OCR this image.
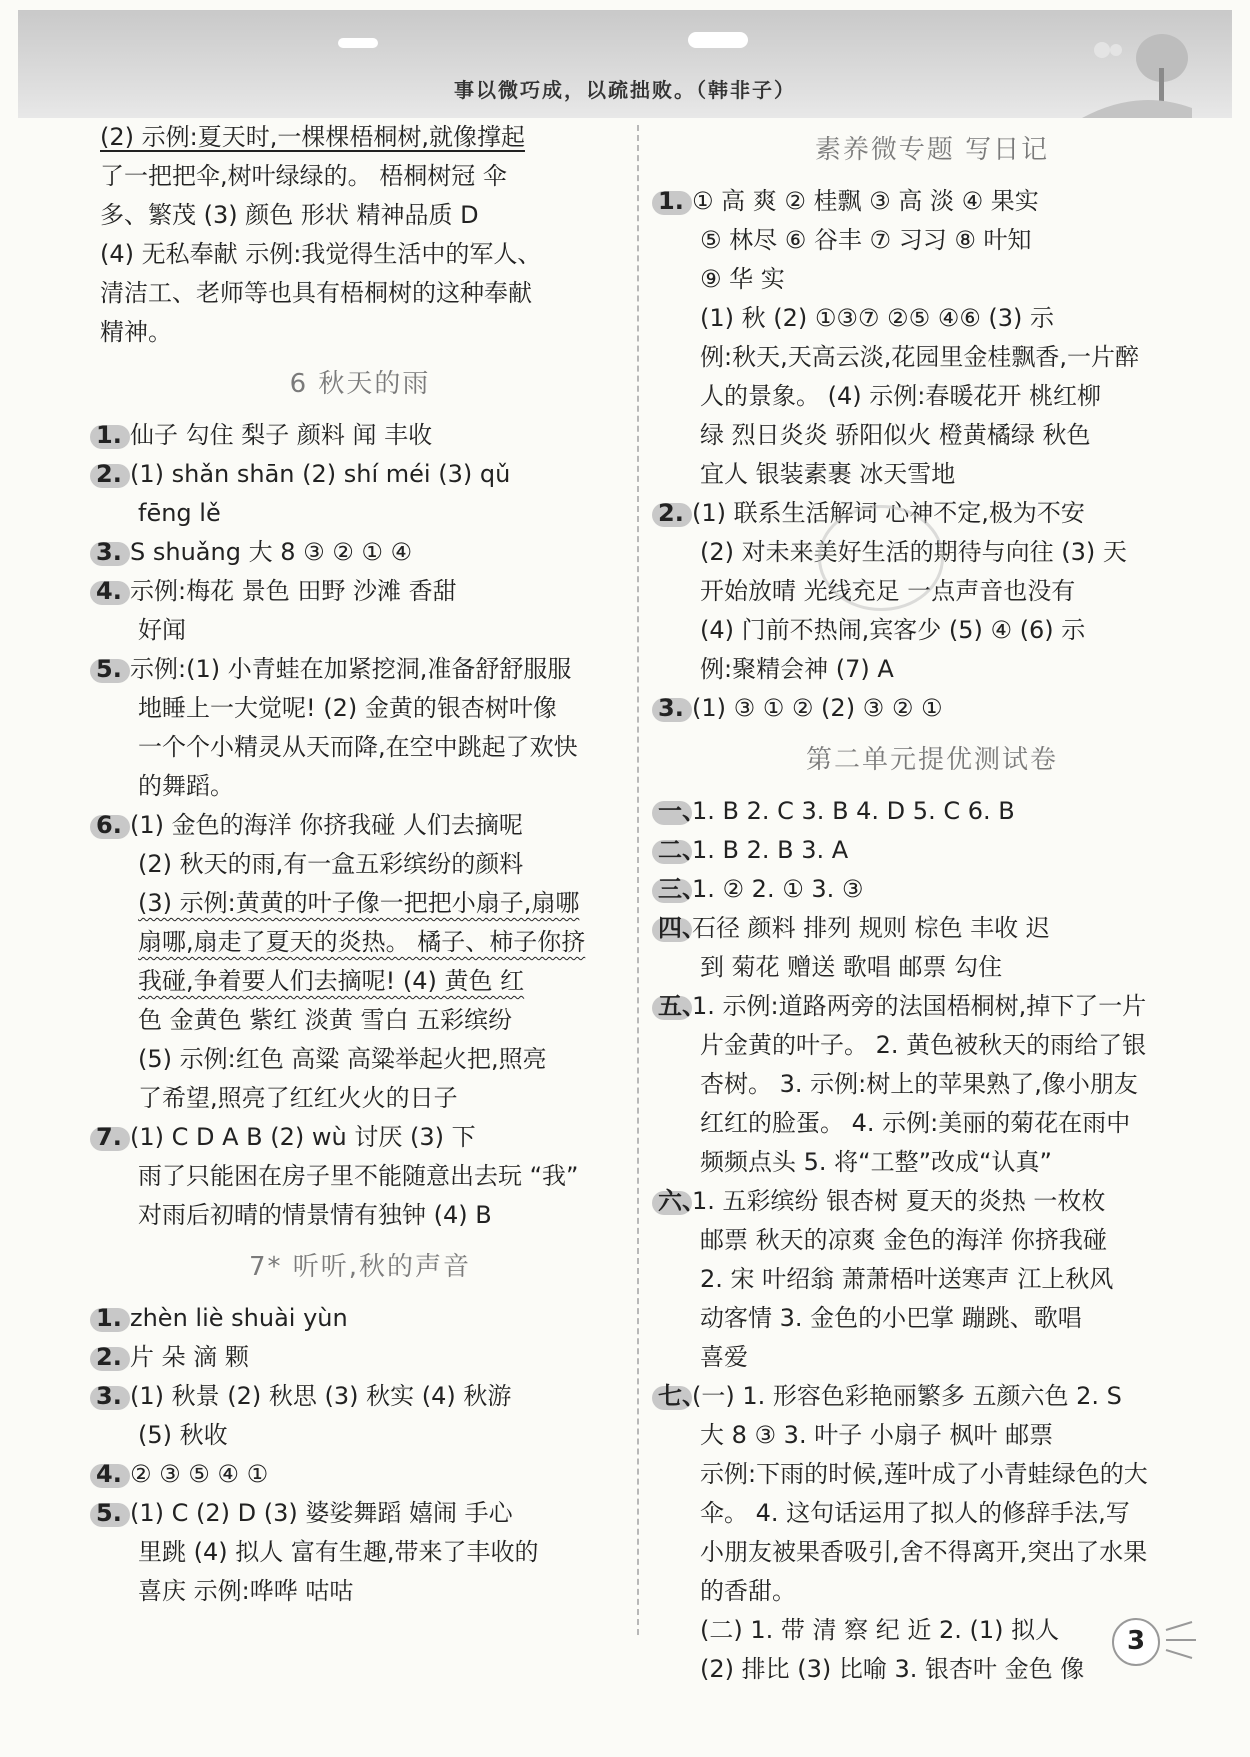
事以微巧成，以疏拙败。（韩非子）
(2) 示例:夏天时,一棵棵梧桐树,就像撑起
了一把把伞,树叶绿绿的。 梧桐树冠 伞
多、繁茂 (3) 颜色 形状 精神品质 D
(4) 无私奉献 示例:我觉得生活中的军人、
清洁工、老师等也具有梧桐树的这种奉献
精神。
6 秋天的雨
1. 仙子 勾住 梨子 颜料 闻 丰收
2. (1) shǎn shān (2) shí méi (3) qǔ
fēng lě
3. S shuǎng 大 8 ③ ② ① ④
4. 示例:梅花 景色 田野 沙滩 香甜
好闻
5. 示例:(1) 小青蛙在加紧挖洞,准备舒舒服服
地睡上一大觉呢! (2) 金黄的银杏树叶像
一个个小精灵从天而降,在空中跳起了欢快
的舞蹈。
6. (1) 金色的海洋 你挤我碰 人们去摘呢
(2) 秋天的雨,有一盒五彩缤纷的颜料
(3) 示例:黄黄的叶子像一把把小扇子,扇哪
扇哪,扇走了夏天的炎热。 橘子、柿子你挤
我碰,争着要人们去摘呢! (4) 黄色 红
色 金黄色 紫红 淡黄 雪白 五彩缤纷
(5) 示例:红色 高粱 高粱举起火把,照亮
了希望,照亮了红红火火的日子
7. (1) C D A B (2) wù 讨厌 (3) 下
雨了只能困在房子里不能随意出去玩 “我”
对雨后初晴的情景情有独钟 (4) B
7* 听听,秋的声音
1. zhèn liè shuài yùn
2. 片 朵 滴 颗
3. (1) 秋景 (2) 秋思 (3) 秋实 (4) 秋游
(5) 秋收
4. ② ③ ⑤ ④ ①
5. (1) C (2) D (3) 婆娑舞蹈 嬉闹 手心
里跳 (4) 拟人 富有生趣,带来了丰收的
喜庆 示例:哗哗 咕咕
素养微专题 写日记
1. ① 高 爽 ② 桂飘 ③ 高 淡 ④ 果实
⑤ 林尽 ⑥ 谷丰 ⑦ 习习 ⑧ 叶知
⑨ 华 实
(1) 秋 (2) ①③⑦ ②⑤ ④⑥ (3) 示
例:秋天,天高云淡,花园里金桂飘香,一片醉
人的景象。 (4) 示例:春暖花开 桃红柳
绿 烈日炎炎 骄阳似火 橙黄橘绿 秋色
宜人 银装素裹 冰天雪地
2. (1) 联系生活解词 心神不定,极为不安
(2) 对未来美好生活的期待与向往 (3) 天
开始放晴 光线充足 一点声音也没有
(4) 门前不热闹,宾客少 (5) ④ (6) 示
例:聚精会神 (7) A
3. (1) ③ ① ② (2) ③ ② ①
第二单元提优测试卷
一、1. B 2. C 3. B 4. D 5. C 6. B
二、1. B 2. B 3. A
三、1. ② 2. ① 3. ③
四、石径 颜料 排列 规则 棕色 丰收 迟
到 菊花 赠送 歌唱 邮票 勾住
五、1. 示例:道路两旁的法国梧桐树,掉下了一片
片金黄的叶子。 2. 黄色被秋天的雨给了银
杏树。 3. 示例:树上的苹果熟了,像小朋友
红红的脸蛋。 4. 示例:美丽的菊花在雨中
频频点头 5. 将“工整”改成“认真”
六、1. 五彩缤纷 银杏树 夏天的炎热 一枚枚
邮票 秋天的凉爽 金色的海洋 你挤我碰
2. 宋 叶绍翁 萧萧梧叶送寒声 江上秋风
动客情 3. 金色的小巴掌 蹦跳、歌唱
喜爱
七、(一) 1. 形容色彩艳丽繁多 五颜六色 2. S
大 8 ③ 3. 叶子 小扇子 枫叶 邮票
示例:下雨的时候,莲叶成了小青蛙绿色的大
伞。 4. 这句话运用了拟人的修辞手法,写
小朋友被果香吸引,舍不得离开,突出了水果
的香甜。
(二) 1. 带 清 察 纪 近 2. (1) 拟人
(2) 排比 (3) 比喻 3. 银杏叶 金色 像
3
